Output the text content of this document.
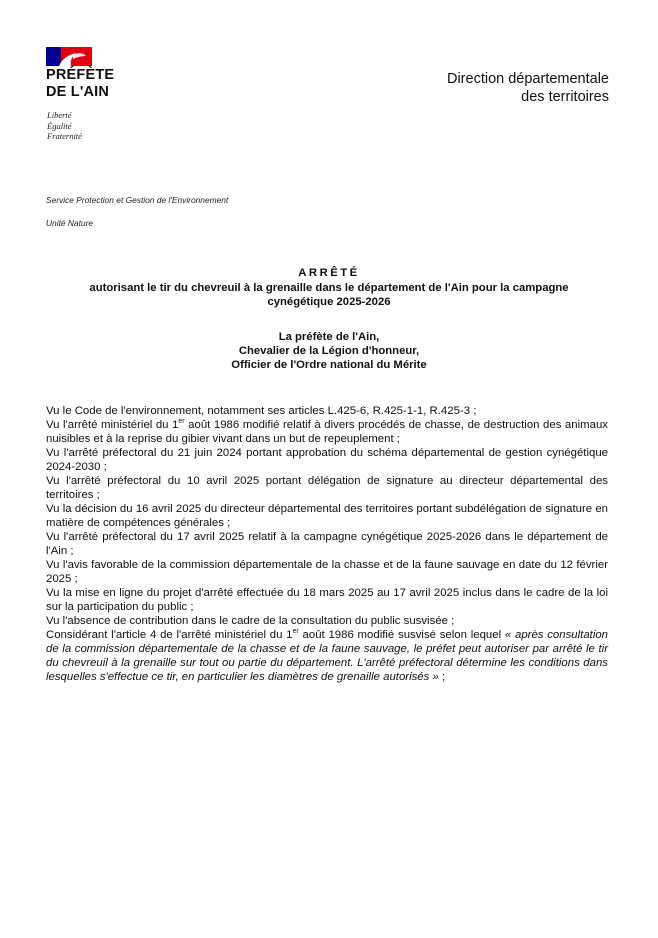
PRÉFÈTE
DE L'AIN
Liberté
Égalité
Fraternité
Direction départementale
des territoires
Service Protection et Gestion de l'Environnement
Unité Nature
ARRÊTÉ
autorisant le tir du chevreuil à la grenaille dans le département de l'Ain pour la campagne
cynégétique 2025-2026
La préfète de l'Ain,
Chevalier de la Légion d'honneur,
Officier de l'Ordre national du Mérite

Vu le Code de l'environnement, notamment ses articles L.425-6, R.425-1-1, R.425-3 ;

Vu l'arrêté ministériel du 1er août 1986 modifié relatif à divers procédés de chasse, de destruction des animaux nuisibles et à la reprise du gibier vivant dans un but de repeuplement ;

Vu l'arrêté préfectoral du 21 juin 2024 portant approbation du schéma départemental de gestion cynégétique 2024-2030 ;

Vu l'arrêté préfectoral du 10 avril 2025 portant délégation de signature au directeur départemental des territoires ;

Vu la décision du 16 avril 2025 du directeur départemental des territoires portant subdélégation de signature en matière de compétences générales ;

Vu l'arrêté préfectoral du 17 avril 2025 relatif à la campagne cynégétique 2025-2026 dans le département de l'Ain ;

Vu l'avis favorable de la commission départementale de la chasse et de la faune sauvage en date du 12 février 2025 ;

Vu la mise en ligne du projet d'arrêté effectuée du 18 mars 2025 au 17 avril 2025 inclus dans le cadre de la loi sur la participation du public ;

Vu l'absence de contribution dans le cadre de la consultation du public susvisée ;

Considérant l'article 4 de l'arrêté ministériel du 1er août 1986 modifié susvisé selon lequel « après consultation de la commission départementale de la chasse et de la faune sauvage, le préfet peut autoriser par arrêté le tir du chevreuil à la grenaille sur tout ou partie du département. L'arrêté préfectoral détermine les conditions dans lesquelles s'effectue ce tir, en particulier les diamètres de grenaille autorisés » ;
